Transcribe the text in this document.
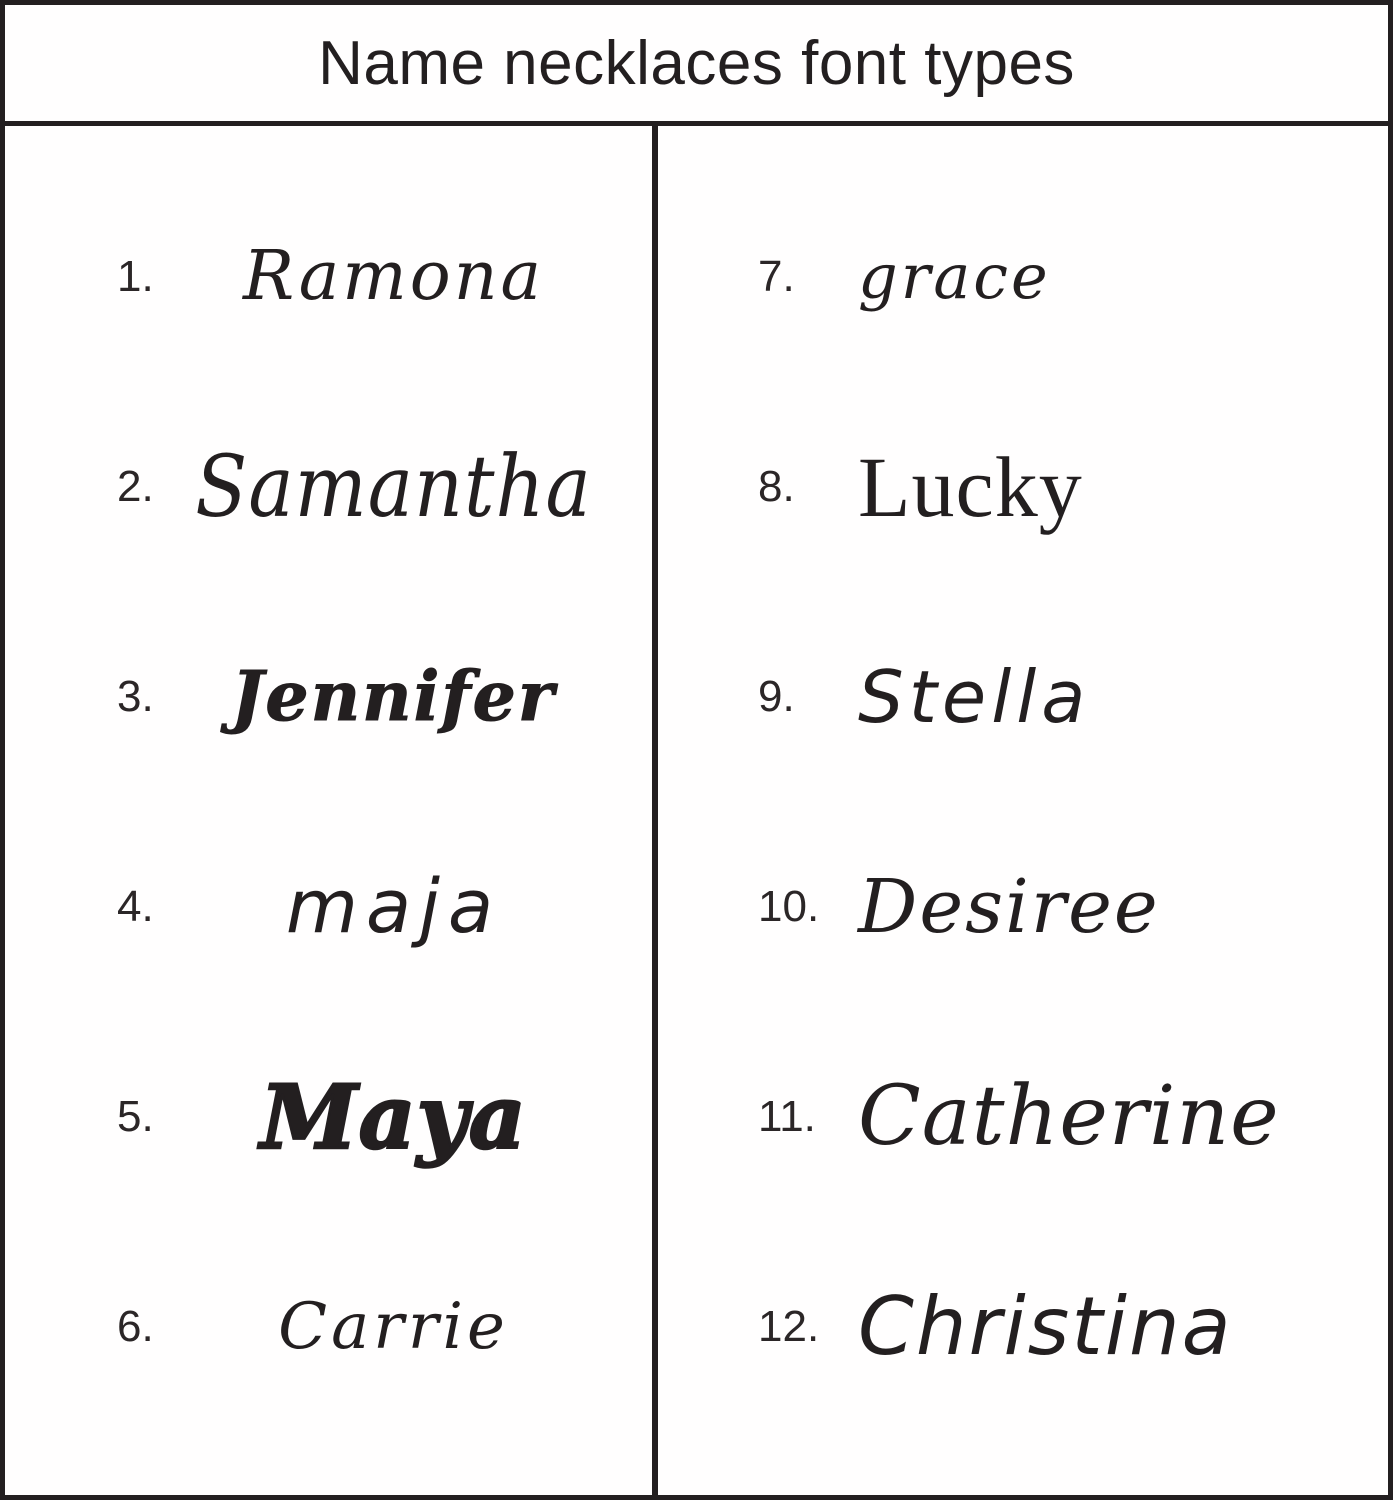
Name necklaces font types
1.	Ramona
2. Samantha
3.	Jennifer
4.	maja
5.	Maya
6.	Carrie
7.	grace
8. Lucky
9. Stella
10. Desiree
11. Catherine
12. Christina
